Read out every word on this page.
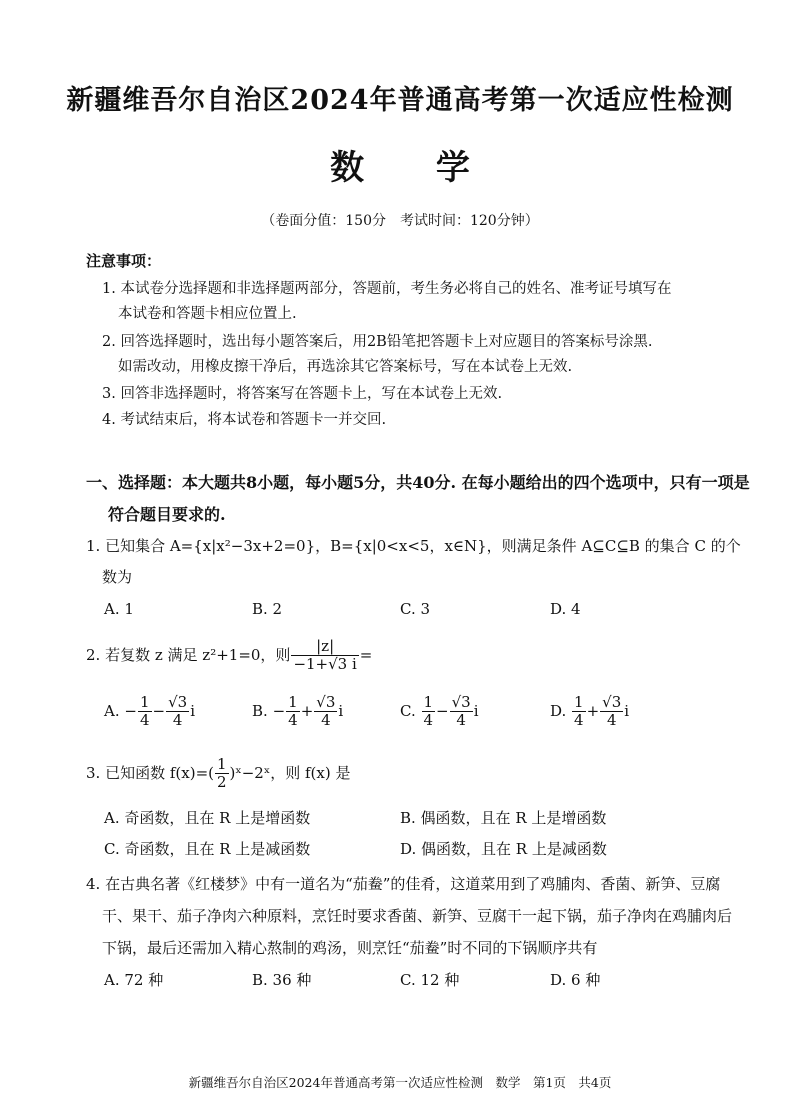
新疆维吾尔自治区2024年普通高考第一次适应性检测
数 学
（卷面分值：150分　考试时间：120分钟）
注意事项：
1. 本试卷分选择题和非选择题两部分，答题前，考生务必将自己的姓名、准考证号填写在
本试卷和答题卡相应位置上.
2. 回答选择题时，选出每小题答案后，用2B铅笔把答题卡上对应题目的答案标号涂黑.
如需改动，用橡皮擦干净后，再选涂其它答案标号，写在本试卷上无效.
3. 回答非选择题时，将答案写在答题卡上，写在本试卷上无效.
4. 考试结束后，将本试卷和答题卡一并交回.
一、选择题：本大题共8小题，每小题5分，共40分. 在每小题给出的四个选项中，只有一项是
符合题目要求的.
1. 已知集合 A={x|x²−3x+2=0}，B={x|0<x<5，x∈N}，则满足条件 A⊆C⊆B 的集合 C 的个
数为
A. 1	B. 2	C. 3	D. 4
2. 若复数 z 满足 z²+1=0，则 $\frac{|z|}{-1+√3 i}$ =
A. − $\frac{1}{4} - \frac{√3}{4}$ i	B. − $\frac{1}{4} + \frac{√3}{4}$ i	C. $\frac{1}{4} - \frac{√3}{4}$ i	D. $\frac{1}{4} + \frac{√3}{4}$ i
3. 已知函数 $f(x)=( \frac{1}{2}$ )ˣ−2ˣ，则 f(x) 是
A. 奇函数，且在 R 上是增函数	B. 偶函数，且在 R 上是增函数
C. 奇函数，且在 R 上是减函数	D. 偶函数，且在 R 上是减函数
4. 在古典名著《红楼梦》中有一道名为“茄鲞”的佳肴，这道菜用到了鸡脯肉、香菌、新笋、豆腐
干、果干、茄子净肉六种原料，烹饪时要求香菌、新笋、豆腐干一起下锅，茄子净肉在鸡脯肉后
下锅，最后还需加入精心熬制的鸡汤，则烹饪“茄鲞”时不同的下锅顺序共有
A. 72 种	B. 36 种	C. 12 种	D. 6 种
新疆维吾尔自治区2024年普通高考第一次适应性检测　数学　第1页　共4页
